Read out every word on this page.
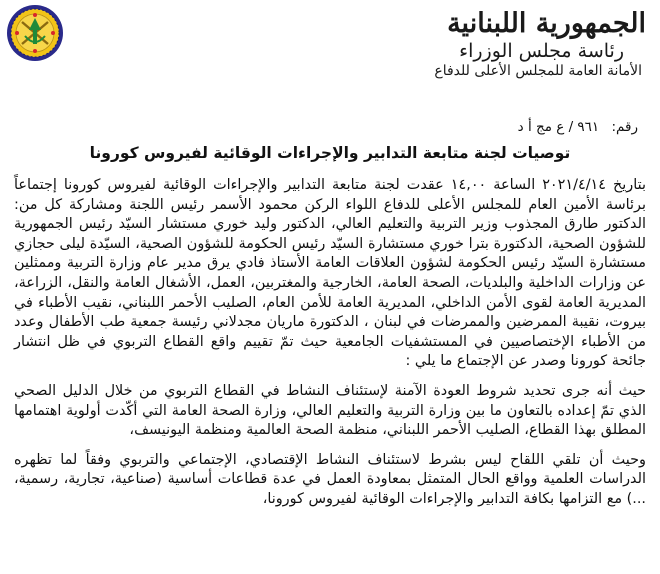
الجمهورية اللبنانية
رئاسة مجلس الوزراء
الأمانة العامة للمجلس الأعلى للدفاع
رقم: ٩٦١ / ع مج أ د
توصيات لجنة متابعة التدابير والإجراءات الوقائية لفيروس كورونا

بتاريخ ٢٠٢١/٤/١٤ الساعة ١٤,٠٠ عقدت لجنة متابعة التدابير والإجراءات الوقائية لفيروس كورونا إجتماعاً برئاسة الأمين العام للمجلس الأعلى للدفاع اللواء الركن محمود الأسمر رئيس اللجنة ومشاركة كل من: الدكتور طارق المجذوب وزير التربية والتعليم العالي، الدكتور وليد خوري مستشار السيّد رئيس الجمهورية للشؤون الصحية، الدكتورة بترا خوري مستشارة السيّد رئيس الحكومة للشؤون الصحية، السيّدة ليلى حجازي مستشارة السيّد رئيس الحكومة لشؤون العلاقات العامة الأستاذ فادي يرق مدير عام وزارة التربية وممثلين عن وزارات الداخلية والبلديات، الصحة العامة، الخارجية والمغتربين، العمل، الأشغال العامة والنقل، الزراعة، المديرية العامة لقوى الأمن الداخلي، المديرية العامة للأمن العام، الصليب الأحمر اللبناني، نقيب الأطباء في بيروت، نقيبة الممرضين والممرضات في لبنان ، الدكتورة ماريان مجدلاني رئيسة جمعية طب الأطفال وعدد من الأطباء الإختصاصيين في المستشفيات الجامعية حيث تمّ تقييم واقع القطاع التربوي في ظل انتشار جائحة كورونا وصدر عن الإجتماع ما يلي :

حيث أنه جرى تحديد شروط العودة الآمنة لإستئناف النشاط في القطاع التربوي من خلال الدليل الصحي الذي تمّ إعداده بالتعاون ما بين وزارة التربية والتعليم العالي، وزارة الصحة العامة التي أكّدت أولوية اهتمامها المطلق بهذا القطاع، الصليب الأحمر اللبناني، منظمة الصحة العالمية ومنظمة اليونيسف،

وحيث أن تلقي اللقاح ليس بشرط لاستئناف النشاط الإقتصادي، الإجتماعي والتربوي وفقاً لما تظهره الدراسات العلمية وواقع الحال المتمثل بمعاودة العمل في عدة قطاعات أساسية (صناعية، تجارية، رسمية، ...) مع التزامها بكافة التدابير والإجراءات الوقائية لفيروس كورونا،
